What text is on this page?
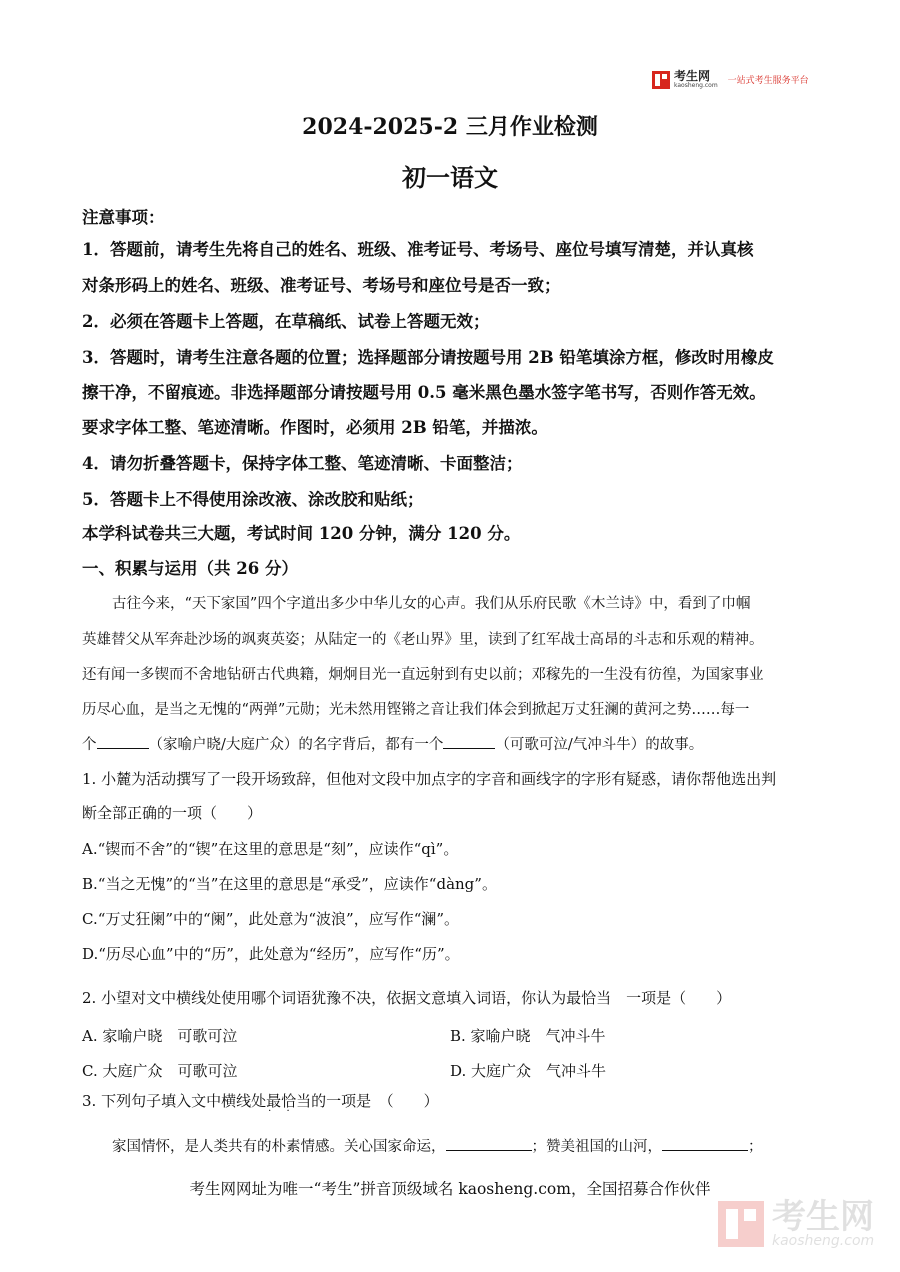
考生网
kaosheng.com 一站式考生服务平台
2024-2025-2 三月作业检测
初一语文
注意事项：
1．答题前，请考生先将自己的姓名、班级、准考证号、考场号、座位号填写清楚，并认真核
对条形码上的姓名、班级、准考证号、考场号和座位号是否一致；
2．必须在答题卡上答题，在草稿纸、试卷上答题无效；
3．答题时，请考生注意各题的位置；选择题部分请按题号用 2B 铅笔填涂方框，修改时用橡皮
擦干净，不留痕迹。非选择题部分请按题号用 0.5 毫米黑色墨水签字笔书写，否则作答无效。
要求字体工整、笔迹清晰。作图时，必须用 2B 铅笔，并描浓。
4．请勿折叠答题卡，保持字体工整、笔迹清晰、卡面整洁；
5．答题卡上不得使用涂改液、涂改胶和贴纸；
本学科试卷共三大题，考试时间 120 分钟，满分 120 分。
一、积累与运用（共 26 分）
古往今来，“天下家国”四个字道出多少中华儿女的心声。我们从乐府民歌《木兰诗》中，看到了巾帼
英雄替父从军奔赴沙场的飒爽英姿；从陆定一的《老山界》里，读到了红军战士高昂的斗志和乐观的精神。
还有闻一多锲而不舍地钻研古代典籍，炯炯目光一直远射到有史以前；邓稼先的一生没有彷徨，为国家事业
历尽心血，是当之无愧的“两弹”元勋；光未然用铿锵之音让我们体会到掀起万丈狂澜的黄河之势……每一
个	（家喻户晓/大庭广众）的名字背后，都有一个	（可歌可泣/气冲斗牛）的故事。
1. 小麓为活动撰写了一段开场致辞，但他对文段中加点字的字音和画线字的字形有疑惑，请你帮他选出判
断全部正确的一项（　　）
A.“锲而不舍”的“锲”在这里的意思是“刻”，应读作“qì”。
B.“当之无愧”的“当”在这里的意思是“承受”，应读作“dàng”。
C.“万丈狂阑”中的“阑”，此处意为“波浪”，应写作“澜”。
D.“历尽心血”中的“历”，此处意为“经历”，应写作“历”。
2. 小望对文中横线处使用哪个词语犹豫不决，依据文意填入词语，你认为最恰当　一项是（　　）
A. 家喻户晓　可歌可泣	B. 家喻户晓　气冲斗牛
C. 大庭广众　可歌可泣	D. 大庭广众　气冲斗牛
3. 下列句子填入文中横线处最恰当 · ·的一项是　（　　）
家国情怀，是人类共有的朴素情感。关心国家命运，	；赞美祖国的山河，	；
考生网网址为唯一“考生”拼音顶级域名 kaosheng.com，全国招募合作伙伴
考生网
kaosheng.com
